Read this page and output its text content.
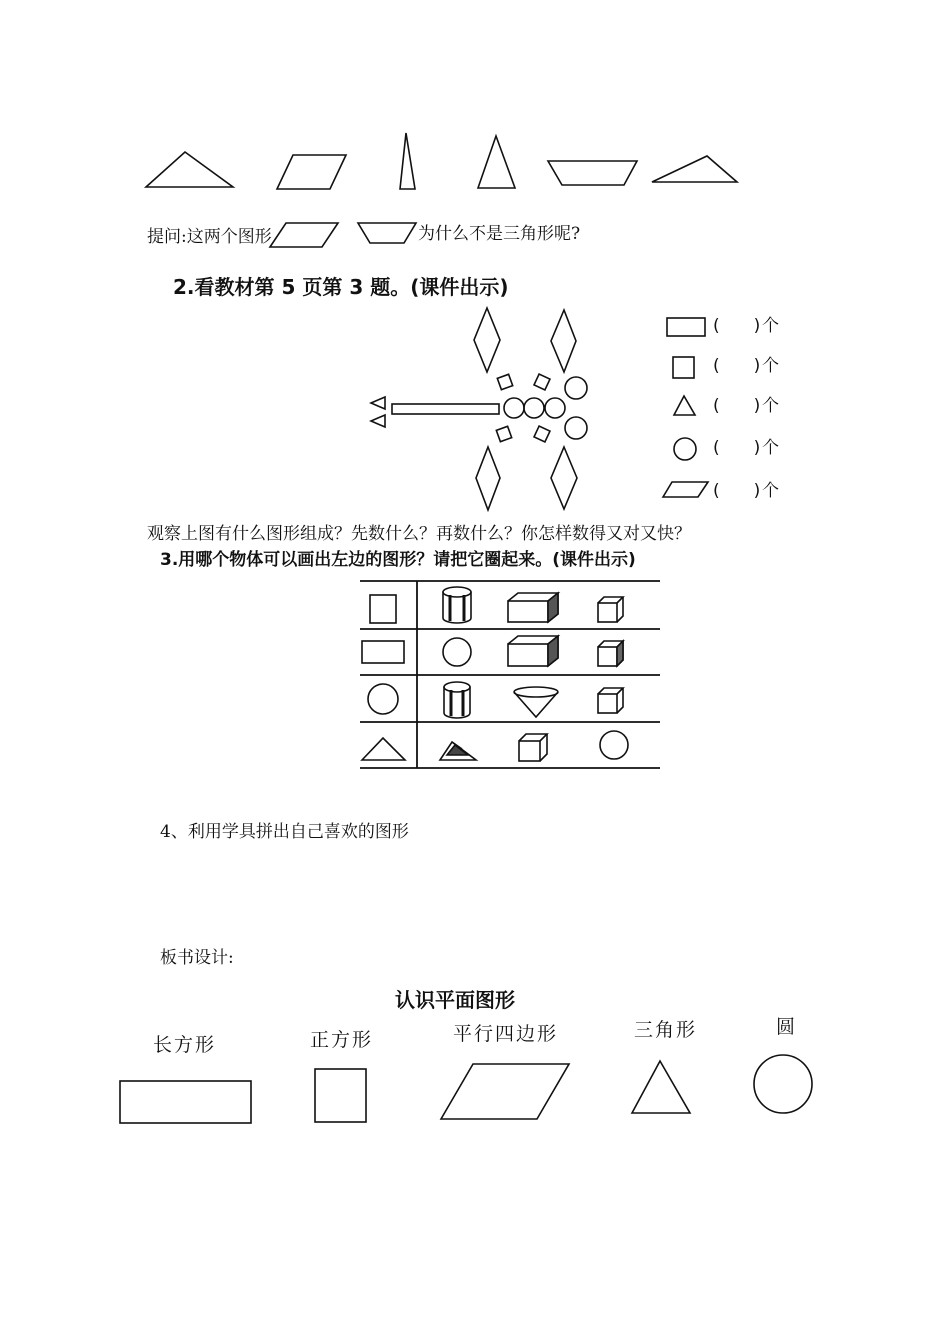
提问:这两个图形	为什么不是三角形呢?
2.看教材第 5 页第 3 题。(课件出示)
(　　) 个
(　　) 个
(　　) 个
(　　) 个
(　　) 个
观察上图有什么图形组成？先数什么？再数什么？你怎样数得又对又快？
3.用哪个物体可以画出左边的图形？请把它圈起来。(课件出示)
4、利用学具拼出自己喜欢的图形
板书设计:
认识平面图形
长方形	正方形	平行四边形	三角形	圆
